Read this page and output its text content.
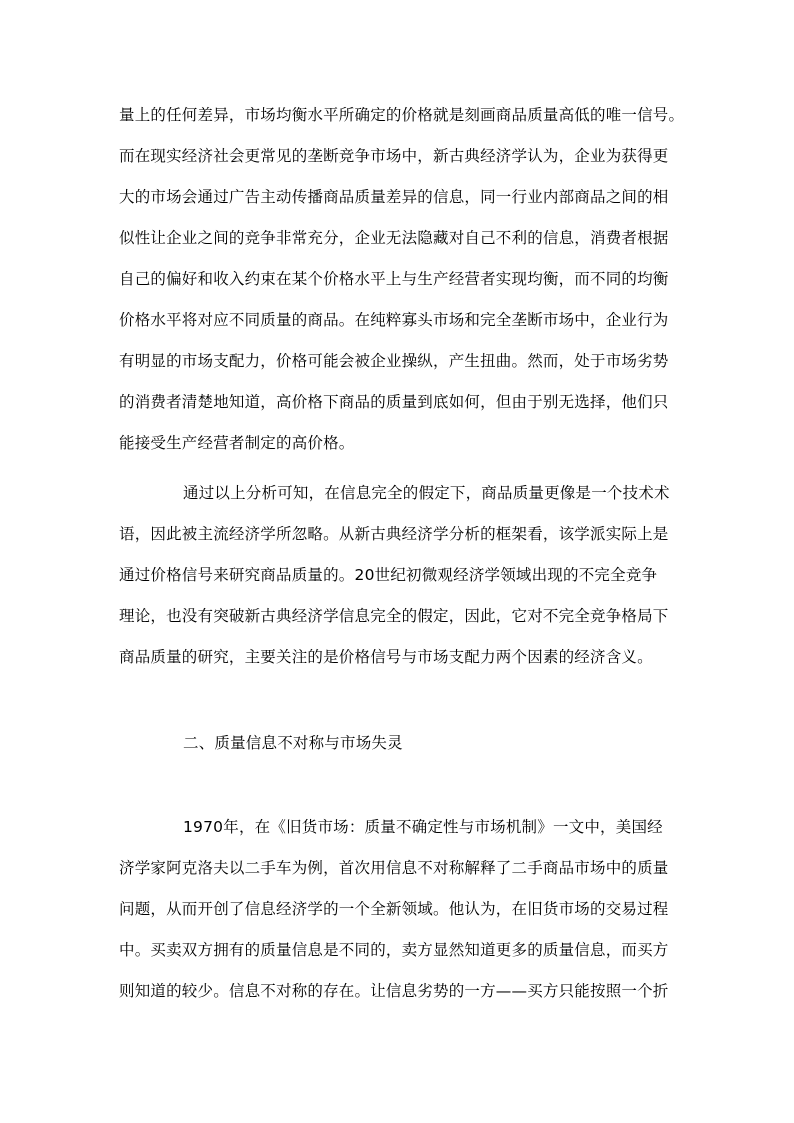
量上的任何差异，市场均衡水平所确定的价格就是刻画商品质量高低的唯一信号。
而在现实经济社会更常见的垄断竞争市场中，新古典经济学认为，企业为获得更
大的市场会通过广告主动传播商品质量差异的信息，同一行业内部商品之间的相
似性让企业之间的竞争非常充分，企业无法隐藏对自己不利的信息，消费者根据
自己的偏好和收入约束在某个价格水平上与生产经营者实现均衡，而不同的均衡
价格水平将对应不同质量的商品。在纯粹寡头市场和完全垄断市场中，企业行为
有明显的市场支配力，价格可能会被企业操纵，产生扭曲。然而，处于市场劣势
的消费者清楚地知道，高价格下商品的质量到底如何，但由于别无选择，他们只
能接受生产经营者制定的高价格。
通过以上分析可知，在信息完全的假定下，商品质量更像是一个技术术
语，因此被主流经济学所忽略。从新古典经济学分析的框架看，该学派实际上是
通过价格信号来研究商品质量的。20世纪初微观经济学领域出现的不完全竞争
理论，也没有突破新古典经济学信息完全的假定，因此，它对不完全竞争格局下
商品质量的研究，主要关注的是价格信号与市场支配力两个因素的经济含义。
二、质量信息不对称与市场失灵
1970年，在《旧货市场：质量不确定性与市场机制》一文中，美国经
济学家阿克洛夫以二手车为例，首次用信息不对称解释了二手商品市场中的质量
问题，从而开创了信息经济学的一个全新领域。他认为，在旧货市场的交易过程
中。买卖双方拥有的质量信息是不同的，卖方显然知道更多的质量信息，而买方
则知道的较少。信息不对称的存在。让信息劣势的一方——买方只能按照一个折
